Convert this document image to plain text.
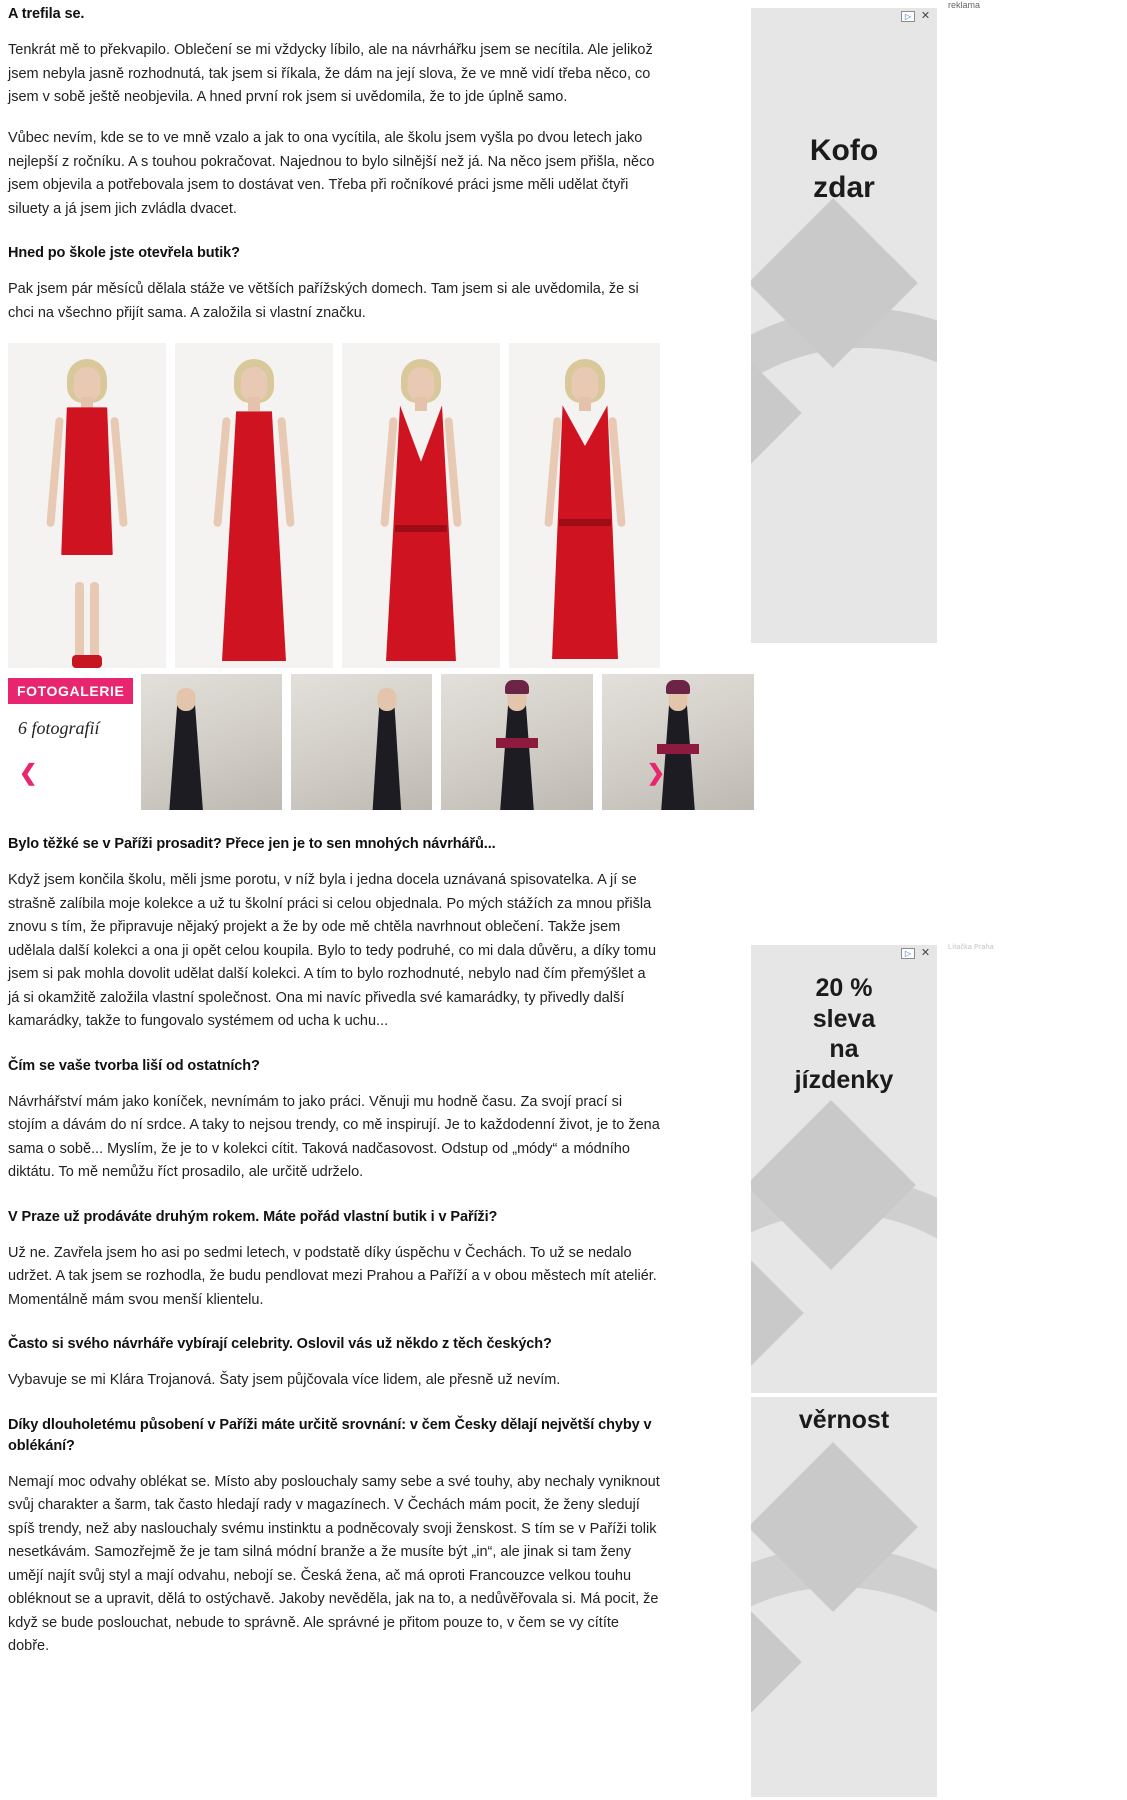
A trefila se.

Tenkrát mě to překvapilo. Oblečení se mi vždycky líbilo, ale na návrhářku jsem se necítila. Ale jelikož jsem nebyla jasně rozhodnutá, tak jsem si říkala, že dám na její slova, že ve mně vidí třeba něco, co jsem v sobě ještě neobjevila. A hned první rok jsem si uvědomila, že to jde úplně samo.

Vůbec nevím, kde se to ve mně vzalo a jak to ona vycítila, ale školu jsem vyšla po dvou letech jako nejlepší z ročníku. A s touhou pokračovat. Najednou to bylo silnější než já. Na něco jsem přišla, něco jsem objevila a potřebovala jsem to dostávat ven. Třeba při ročníkové práci jsme měli udělat čtyři siluety a já jsem jich zvládla dvacet.

Hned po škole jste otevřela butik?

Pak jsem pár měsíců dělala stáže ve větších pařížských domech. Tam jsem si ale uvědomila, že si chci na všechno přijít sama. A založila si vlastní značku.

FOTOGALERIE
6 fotografií
❮	❯

Bylo těžké se v Paříži prosadit? Přece jen je to sen mnohých návrhářů...

Když jsem končila školu, měli jsme porotu, v níž byla i jedna docela uznávaná spisovatelka. A jí se strašně zalíbila moje kolekce a už tu školní práci si celou objednala. Po mých stážích za mnou přišla znovu s tím, že připravuje nějaký projekt a že by ode mě chtěla navrhnout oblečení. Takže jsem udělala další kolekci a ona ji opět celou koupila. Bylo to tedy podruhé, co mi dala důvěru, a díky tomu jsem si pak mohla dovolit udělat další kolekci. A tím to bylo rozhodnuté, nebylo nad čím přemýšlet a já si okamžitě založila vlastní společnost. Ona mi navíc přivedla své kamarádky, ty přivedly další kamarádky, takže to fungovalo systémem od ucha k uchu...

Čím se vaše tvorba liší od ostatních?

Návrhářství mám jako koníček, nevnímám to jako práci. Věnuji mu hodně času. Za svojí prací si stojím a dávám do ní srdce. A taky to nejsou trendy, co mě inspirují. Je to každodenní život, je to žena sama o sobě... Myslím, že je to v kolekci cítit. Taková nadčasovost. Odstup od „módy“ a módního diktátu. To mě nemůžu říct prosadilo, ale určitě udrželo.

V Praze už prodáváte druhým rokem. Máte pořád vlastní butik i v Paříži?

Už ne. Zavřela jsem ho asi po sedmi letech, v podstatě díky úspěchu v Čechách. To už se nedalo udržet. A tak jsem se rozhodla, že budu pendlovat mezi Prahou a Paříží a v obou městech mít ateliér. Momentálně mám svou menší klientelu.

Často si svého návrháře vybírají celebrity. Oslovil vás už někdo z těch českých?

Vybavuje se mi Klára Trojanová. Šaty jsem půjčovala více lidem, ale přesně už nevím.

Díky dlouholetému působení v Paříži máte určitě srovnání: v čem Česky dělají největší chyby v oblékání?

Nemají moc odvahy oblékat se. Místo aby poslouchaly samy sebe a své touhy, aby nechaly vyniknout svůj charakter a šarm, tak často hledají rady v magazínech. V Čechách mám pocit, že ženy sledují spíš trendy, než aby naslouchaly svému instinktu a podněcovaly svoji ženskost. S tím se v Paříži tolik nesetkávám. Samozřejmě že je tam silná módní branže a že musíte být „in“, ale jinak si tam ženy umějí najít svůj styl a mají odvahu, nebojí se. Česká žena, ač má oproti Francouzce velkou touhu obléknout se a upravit, dělá to ostýchavě. Jakoby nevěděla, jak na to, a nedůvěřovala si. Má pocit, že když se bude poslouchat, nebude to správně. Ale správné je přitom pouze to, v čem se vy cítíte dobře.

reklama
Kofo
zdar
▷ ✕
Lítačka Praha
20 %
sleva
na
jízdenky
▷ ✕
věrnost
